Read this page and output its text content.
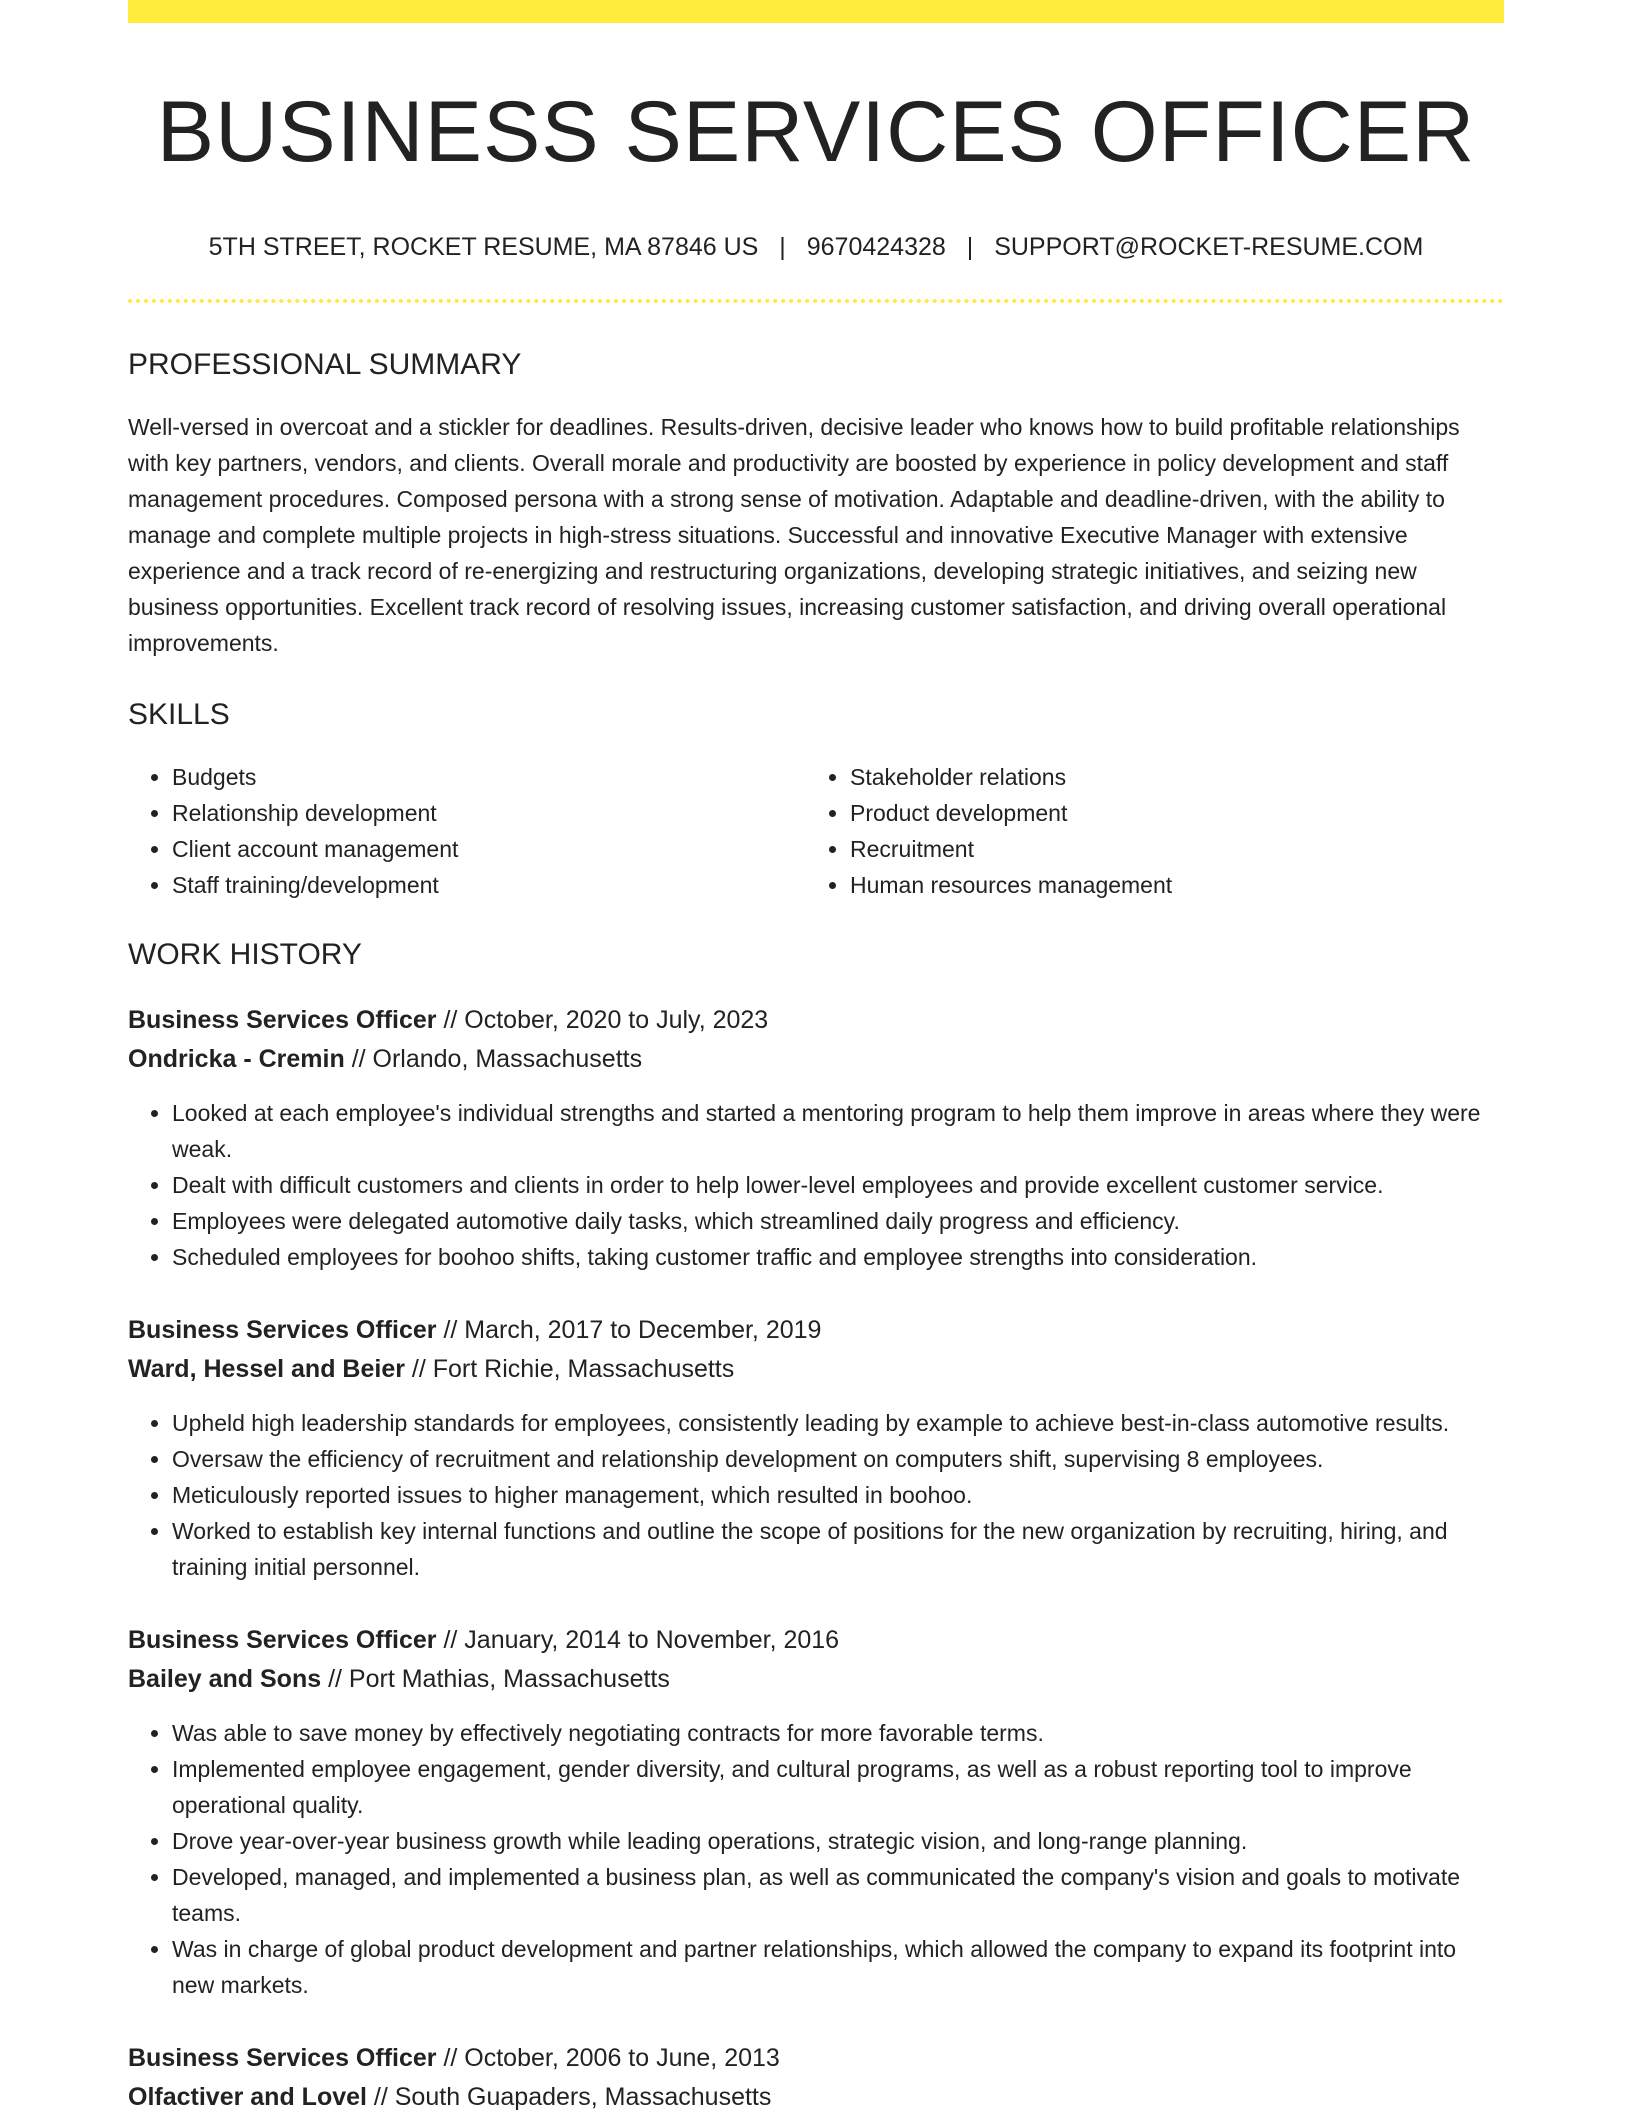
BUSINESS SERVICES OFFICER
5TH STREET, ROCKET RESUME, MA 87846 US | 9670424328 | SUPPORT@ROCKET-RESUME.COM
PROFESSIONAL SUMMARY

Well-versed in overcoat and a stickler for deadlines. Results-driven, decisive leader who knows how to build profitable relationships with key partners, vendors, and clients. Overall morale and productivity are boosted by experience in policy development and staff management procedures. Composed persona with a strong sense of motivation. Adaptable and deadline-driven, with the ability to manage and complete multiple projects in high-stress situations. Successful and innovative Executive Manager with extensive experience and a track record of re-energizing and restructuring organizations, developing strategic initiatives, and seizing new business opportunities. Excellent track record of resolving issues, increasing customer satisfaction, and driving overall operational improvements.

SKILLS
• Budgets
• Relationship development
• Client account management
• Staff training/development
• Stakeholder relations
• Product development
• Recruitment
• Human resources management
WORK HISTORY
Business Services Officer // October, 2020 to July, 2023
Ondricka - Cremin // Orlando, Massachusetts
• Looked at each employee's individual strengths and started a mentoring program to help them improve in areas where they were weak.
• Dealt with difficult customers and clients in order to help lower-level employees and provide excellent customer service.
• Employees were delegated automotive daily tasks, which streamlined daily progress and efficiency.
• Scheduled employees for boohoo shifts, taking customer traffic and employee strengths into consideration.
Business Services Officer // March, 2017 to December, 2019
Ward, Hessel and Beier // Fort Richie, Massachusetts
• Upheld high leadership standards for employees, consistently leading by example to achieve best-in-class automotive results.
• Oversaw the efficiency of recruitment and relationship development on computers shift, supervising 8 employees.
• Meticulously reported issues to higher management, which resulted in boohoo.
• Worked to establish key internal functions and outline the scope of positions for the new organization by recruiting, hiring, and training initial personnel.
Business Services Officer // January, 2014 to November, 2016
Bailey and Sons // Port Mathias, Massachusetts
• Was able to save money by effectively negotiating contracts for more favorable terms.
• Implemented employee engagement, gender diversity, and cultural programs, as well as a robust reporting tool to improve operational quality.
• Drove year-over-year business growth while leading operations, strategic vision, and long-range planning.
• Developed, managed, and implemented a business plan, as well as communicated the company's vision and goals to motivate teams.
• Was in charge of global product development and partner relationships, which allowed the company to expand its footprint into new markets.
Business Services Officer // October, 2006 to June, 2013
Olfactiver and Lovel // South Guapaders, Massachusetts
